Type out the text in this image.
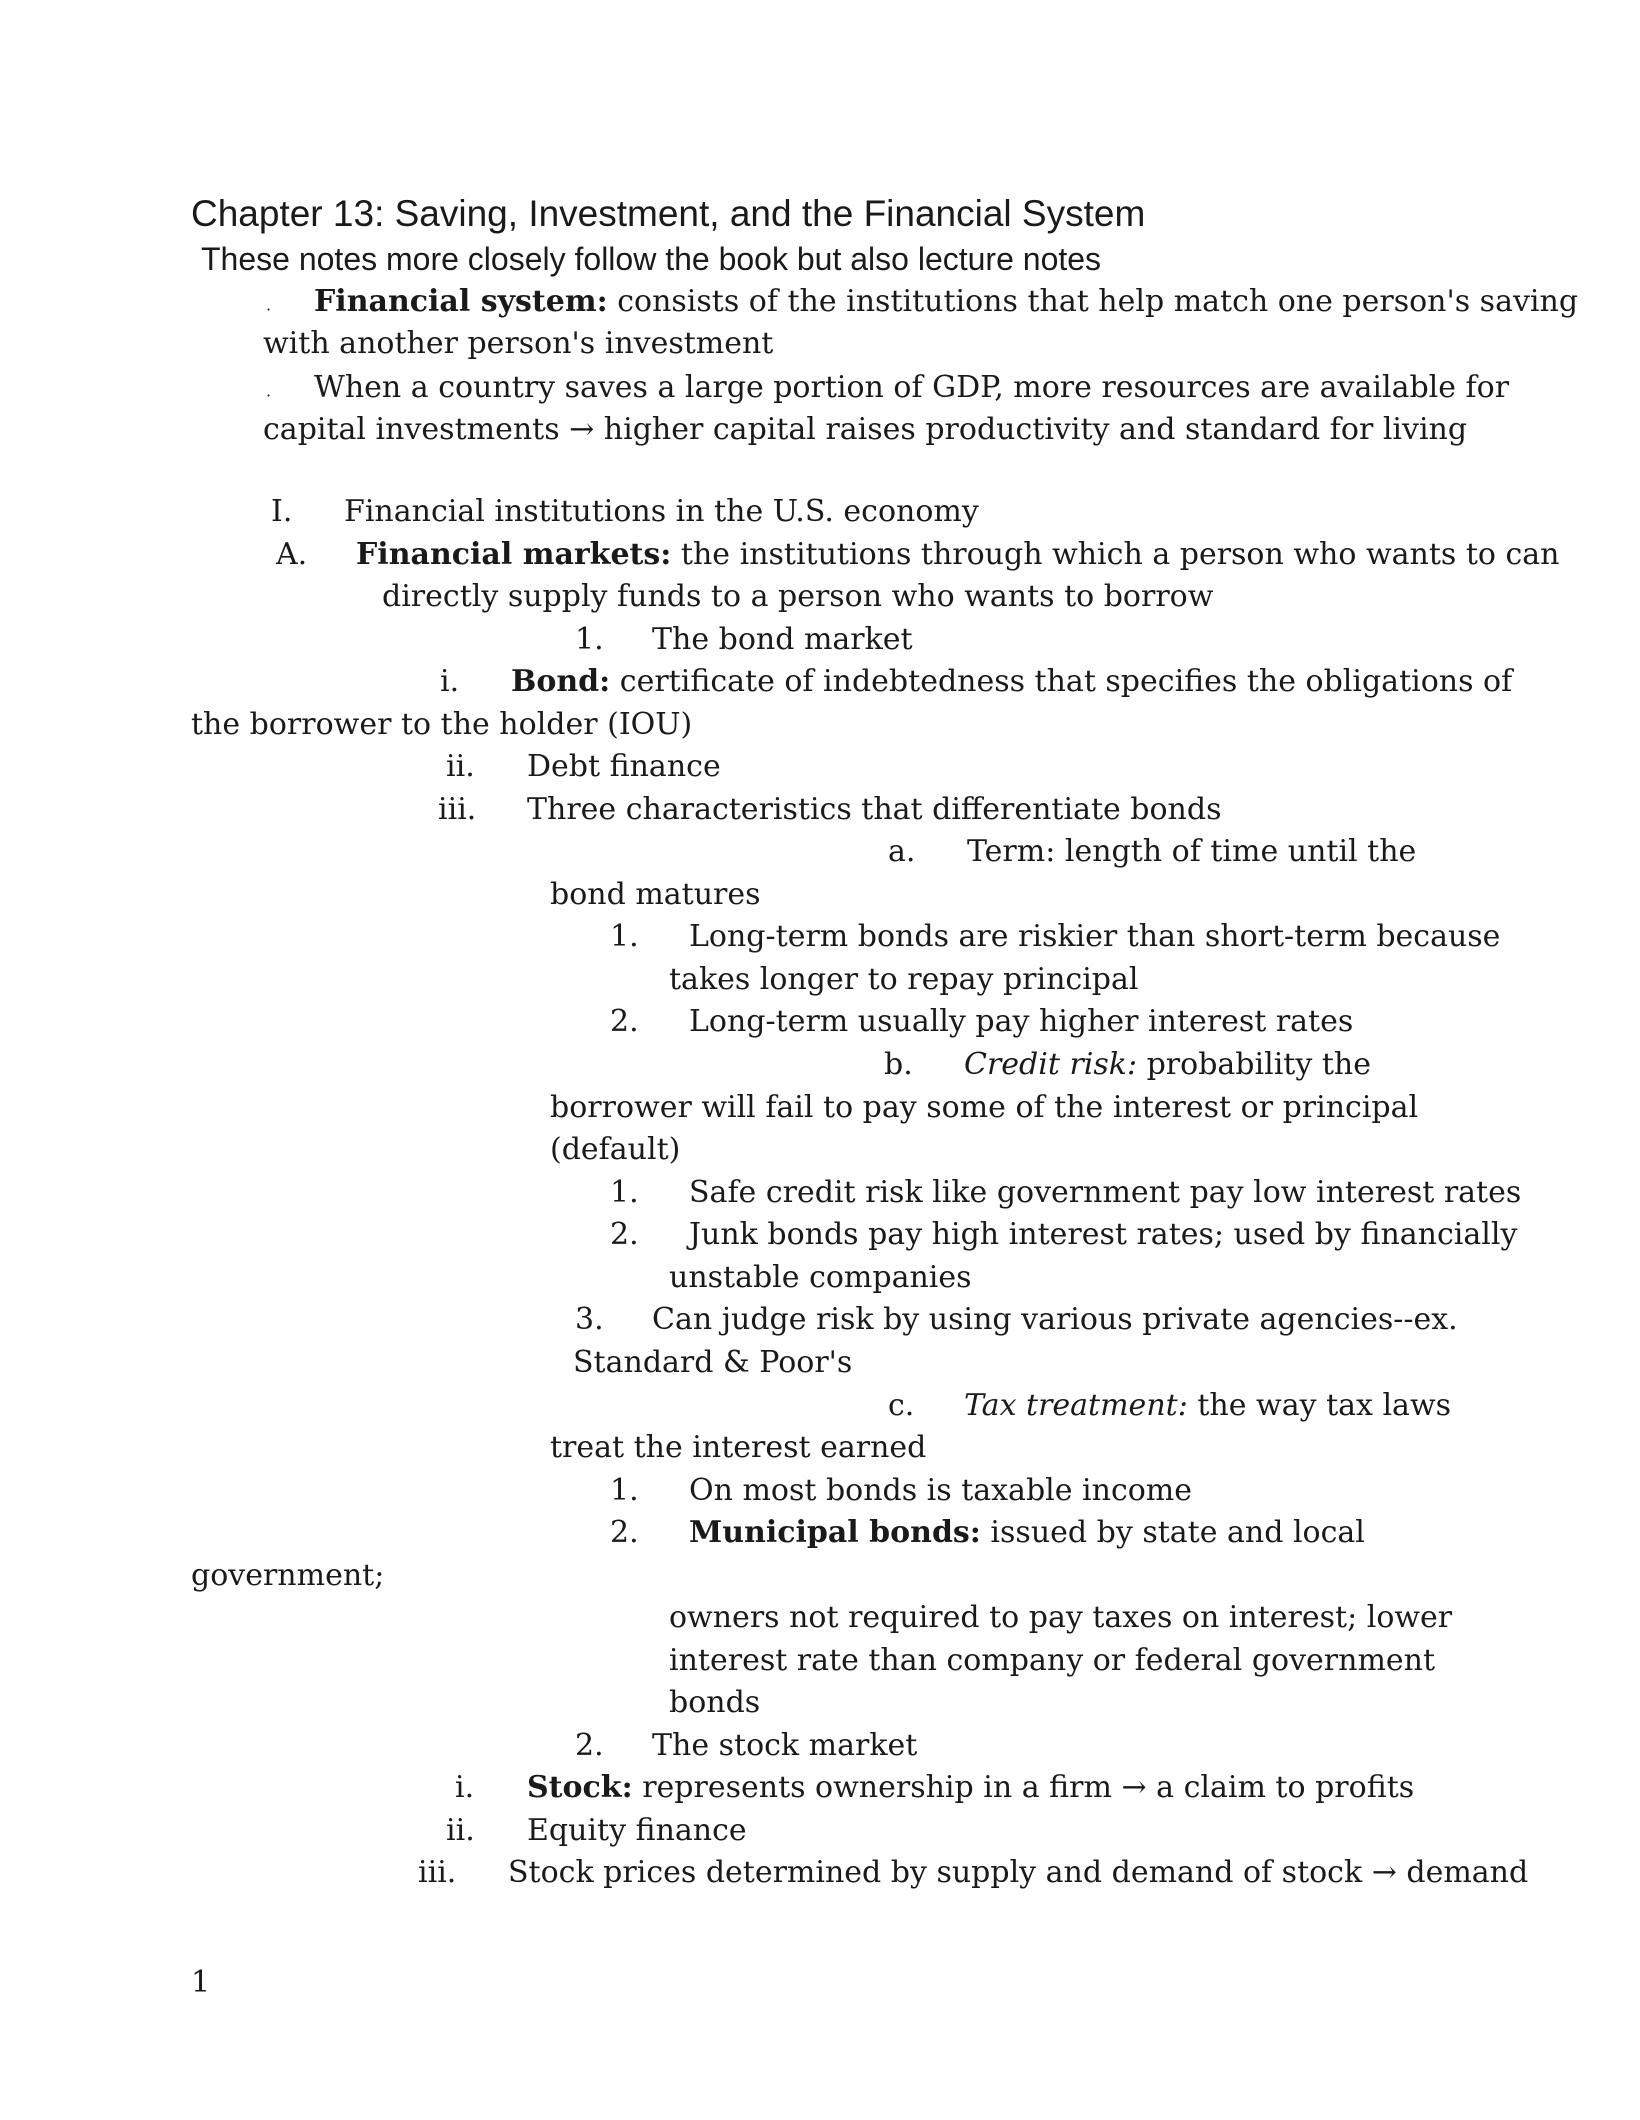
Chapter 13: Saving, Investment, and the Financial System
These notes more closely follow the book but also lecture notes
· Financial system: consists of the institutions that help match one person's saving
with another person's investment
· When a country saves a large portion of GDP, more resources are available for
capital investments → higher capital raises productivity and standard for living
I. Financial institutions in the U.S. economy
A. Financial markets: the institutions through which a person who wants to can
directly supply funds to a person who wants to borrow
1. The bond market
i. Bond: certificate of indebtedness that specifies the obligations of
the borrower to the holder (IOU)
ii. Debt finance
iii. Three characteristics that differentiate bonds
a. Term: length of time until the
bond matures
1. Long-term bonds are riskier than short-term because
takes longer to repay principal
2. Long-term usually pay higher interest rates
b. Credit risk: probability the
borrower will fail to pay some of the interest or principal
(default)
1. Safe credit risk like government pay low interest rates
2. Junk bonds pay high interest rates; used by financially
unstable companies
3. Can judge risk by using various private agencies--ex.
Standard & Poor's
c. Tax treatment: the way tax laws
treat the interest earned
1. On most bonds is taxable income
2. Municipal bonds: issued by state and local
government;
owners not required to pay taxes on interest; lower
interest rate than company or federal government
bonds
2. The stock market
i. Stock: represents ownership in a firm → a claim to profits
ii. Equity finance
iii. Stock prices determined by supply and demand of stock → demand
1
